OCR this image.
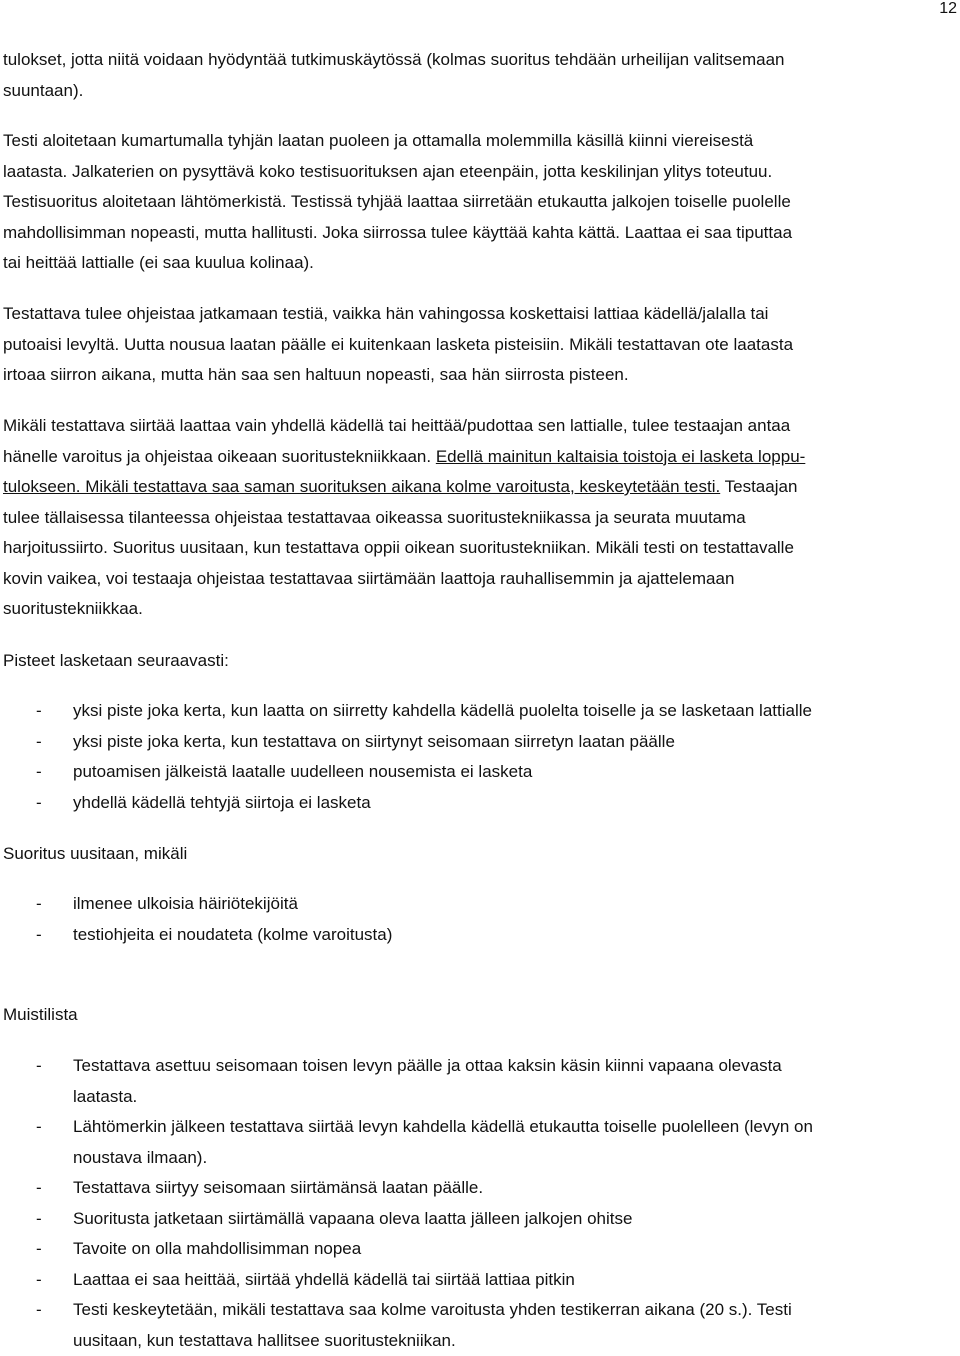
12
tulokset, jotta niitä voidaan hyödyntää tutkimuskäytössä (kolmas suoritus tehdään urheilijan valitsemaan
suuntaan).
Testi aloitetaan kumartumalla tyhjän laatan puoleen ja ottamalla molemmilla käsillä kiinni viereisestä
laatasta. Jalkaterien on pysyttävä koko testisuorituksen ajan eteenpäin, jotta keskilinjan ylitys toteutuu.
Testisuoritus aloitetaan lähtömerkistä. Testissä tyhjää laattaa siirretään etukautta jalkojen toiselle puolelle
mahdollisimman nopeasti, mutta hallitusti. Joka siirrossa tulee käyttää kahta kättä. Laattaa ei saa tiputtaa
tai heittää lattialle (ei saa kuulua kolinaa).
Testattava tulee ohjeistaa jatkamaan testiä, vaikka hän vahingossa koskettaisi lattiaa kädellä/jalalla tai
putoaisi levyltä. Uutta nousua laatan päälle ei kuitenkaan lasketa pisteisiin. Mikäli testattavan ote laatasta
irtoaa siirron aikana, mutta hän saa sen haltuun nopeasti, saa hän siirrosta pisteen.
Mikäli testattava siirtää laattaa vain yhdellä kädellä tai heittää/pudottaa sen lattialle, tulee testaajan antaa
hänelle varoitus ja ohjeistaa oikeaan suoritustekniikkaan. Edellä mainitun kaltaisia toistoja ei lasketa loppu-
tulokseen. Mikäli testattava saa saman suorituksen aikana kolme varoitusta, keskeytetään testi. Testaajan
tulee tällaisessa tilanteessa ohjeistaa testattavaa oikeassa suoritustekniikassa ja seurata muutama
harjoitussiirto. Suoritus uusitaan, kun testattava oppii oikean suoritustekniikan. Mikäli testi on testattavalle
kovin vaikea, voi testaaja ohjeistaa testattavaa siirtämään laattoja rauhallisemmin ja ajattelemaan
suoritustekniikkaa.
Pisteet lasketaan seuraavasti:
-	yksi piste joka kerta, kun laatta on siirretty kahdella kädellä puolelta toiselle ja se lasketaan lattialle
-	yksi piste joka kerta, kun testattava on siirtynyt seisomaan siirretyn laatan päälle
-	putoamisen jälkeistä laatalle uudelleen nousemista ei lasketa
-	yhdellä kädellä tehtyjä siirtoja ei lasketa
Suoritus uusitaan, mikäli
-	ilmenee ulkoisia häiriötekijöitä
-	testiohjeita ei noudateta (kolme varoitusta)
Muistilista
-	Testattava asettuu seisomaan toisen levyn päälle ja ottaa kaksin käsin kiinni vapaana olevasta
laatasta.
-	Lähtömerkin jälkeen testattava siirtää levyn kahdella kädellä etukautta toiselle puolelleen (levyn on
noustava ilmaan).
-	Testattava siirtyy seisomaan siirtämänsä laatan päälle.
-	Suoritusta jatketaan siirtämällä vapaana oleva laatta jälleen jalkojen ohitse
-	Tavoite on olla mahdollisimman nopea
-	Laattaa ei saa heittää, siirtää yhdellä kädellä tai siirtää lattiaa pitkin
-	Testi keskeytetään, mikäli testattava saa kolme varoitusta yhden testikerran aikana (20 s.). Testi
uusitaan, kun testattava hallitsee suoritustekniikan.
